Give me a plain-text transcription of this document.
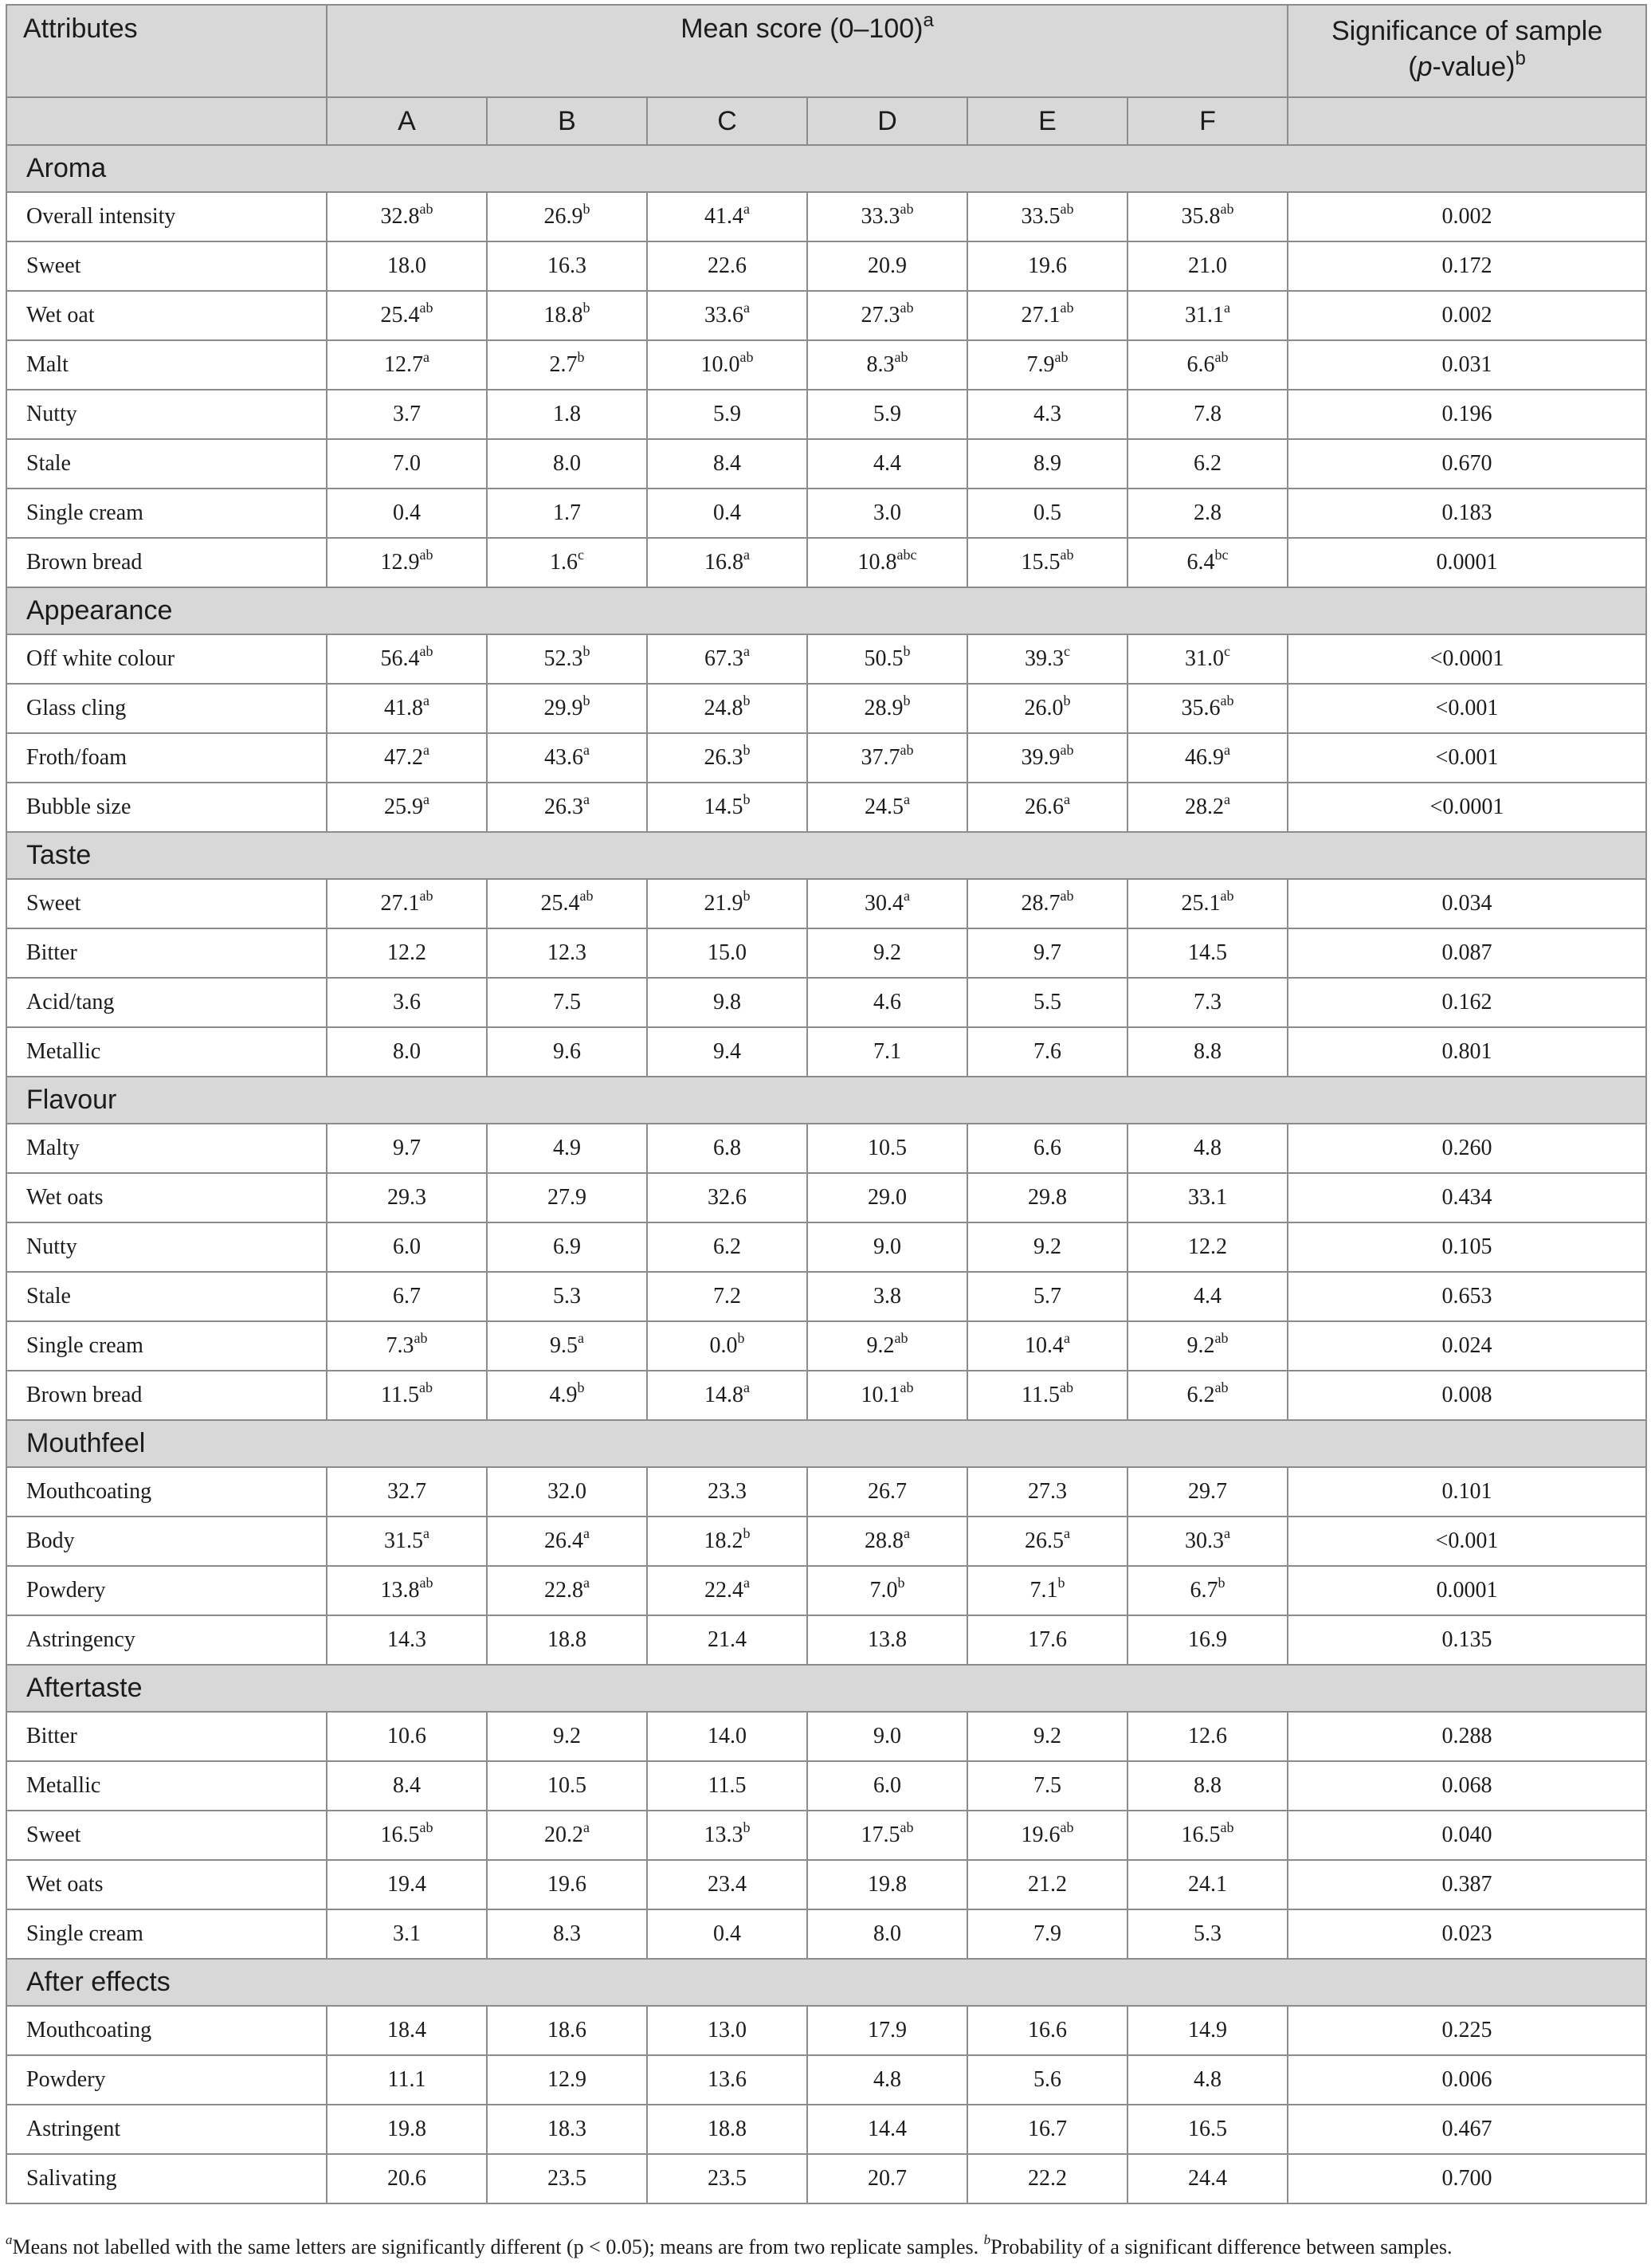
Attributes	Mean score $(0-100)^a$						Significance of sample
(p-value)$^b$
	A	B	C	D	E	F	
Aroma							
Overall intensity	32.8$^{ab}$	26.9$^b$	41.4$^a$	33.3$^{ab}$	33.5$^{ab}$	35.8$^{ab}$	0.002
Sweet	18.0	16.3	22.6	20.9	19.6	21.0	0.172
Wet oat	25.4$^{ab}$	18.8$^b$	33.6$^a$	27.3$^{ab}$	27.1$^{ab}$	31.1$^a$	0.002
Malt	12.7$^a$	2.7$^b$	10.0$^{ab}$	8.3$^{ab}$	7.9$^{ab}$	6.6$^{ab}$	0.031
Nutty	3.7	1.8	5.9	5.9	4.3	7.8	0.196
Stale	7.0	8.0	8.4	4.4	8.9	6.2	0.670
Single cream	0.4	1.7	0.4	3.0	0.5	2.8	0.183
Brown bread	12.9$^{ab}$	1.6$^c$	16.8$^a$	10.8$^{abc}$	15.5$^{ab}$	6.4$^{bc}$	0.0001
Appearance							
Off white colour	56.4$^{ab}$	52.3$^b$	67.3$^a$	50.5$^b$	39.3$^c$	31.0$^c$	<0.0001
Glass cling	41.8$^a$	29.9$^b$	24.8$^b$	28.9$^b$	26.0$^b$	35.6$^{ab}$	<0.001
Froth/foam	47.2$^a$	43.6$^a$	26.3$^b$	37.7$^{ab}$	39.9$^{ab}$	46.9$^a$	<0.001
Bubble size	25.9$^a$	26.3$^a$	14.5$^b$	24.5$^a$	26.6$^a$	28.2$^a$	<0.0001
Taste							
Sweet	27.1$^{ab}$	25.4$^{ab}$	21.9$^b$	30.4$^a$	28.7$^{ab}$	25.1$^{ab}$	0.034
Bitter	12.2	12.3	15.0	9.2	9.7	14.5	0.087
Acid/tang	3.6	7.5	9.8	4.6	5.5	7.3	0.162
Metallic	8.0	9.6	9.4	7.1	7.6	8.8	0.801
Flavour							
Malty	9.7	4.9	6.8	10.5	6.6	4.8	0.260
Wet oats	29.3	27.9	32.6	29.0	29.8	33.1	0.434
Nutty	6.0	6.9	6.2	9.0	9.2	12.2	0.105
Stale	6.7	5.3	7.2	3.8	5.7	4.4	0.653
Single cream	7.3$^{ab}$	9.5$^a$	0.0$^b$	9.2$^{ab}$	10.4$^a$	9.2$^{ab}$	0.024
Brown bread	11.5$^{ab}$	4.9$^b$	14.8$^a$	10.1$^{ab}$	11.5$^{ab}$	6.2$^{ab}$	0.008
Mouthfeel							
Mouthcoating	32.7	32.0	23.3	26.7	27.3	29.7	0.101
Body	31.5$^a$	26.4$^a$	18.2$^b$	28.8$^a$	26.5$^a$	30.3$^a$	<0.001
Powdery	13.8$^{ab}$	22.8$^a$	22.4$^a$	7.0$^b$	7.1$^b$	6.7$^b$	0.0001
Astringency	14.3	18.8	21.4	13.8	17.6	16.9	0.135
Aftertaste							
Bitter	10.6	9.2	14.0	9.0	9.2	12.6	0.288
Metallic	8.4	10.5	11.5	6.0	7.5	8.8	0.068
Sweet	16.5$^{ab}$	20.2$^a$	13.3$^b$	17.5$^{ab}$	19.6$^{ab}$	16.5$^{ab}$	0.040
Wet oats	19.4	19.6	23.4	19.8	21.2	24.1	0.387
Single cream	3.1	8.3	0.4	8.0	7.9	5.3	0.023
After effects							
Mouthcoating	18.4	18.6	13.0	17.9	16.6	14.9	0.225
Powdery	11.1	12.9	13.6	4.8	5.6	4.8	0.006
Astringent	19.8	18.3	18.8	14.4	16.7	16.5	0.467
Salivating	20.6	23.5	23.5	20.7	22.2	24.4	0.700
$^a$Means not labelled with the same letters are significantly different (p < 0.05); means are from two replicate samples. $^b$Probability of a significant difference between samples.
